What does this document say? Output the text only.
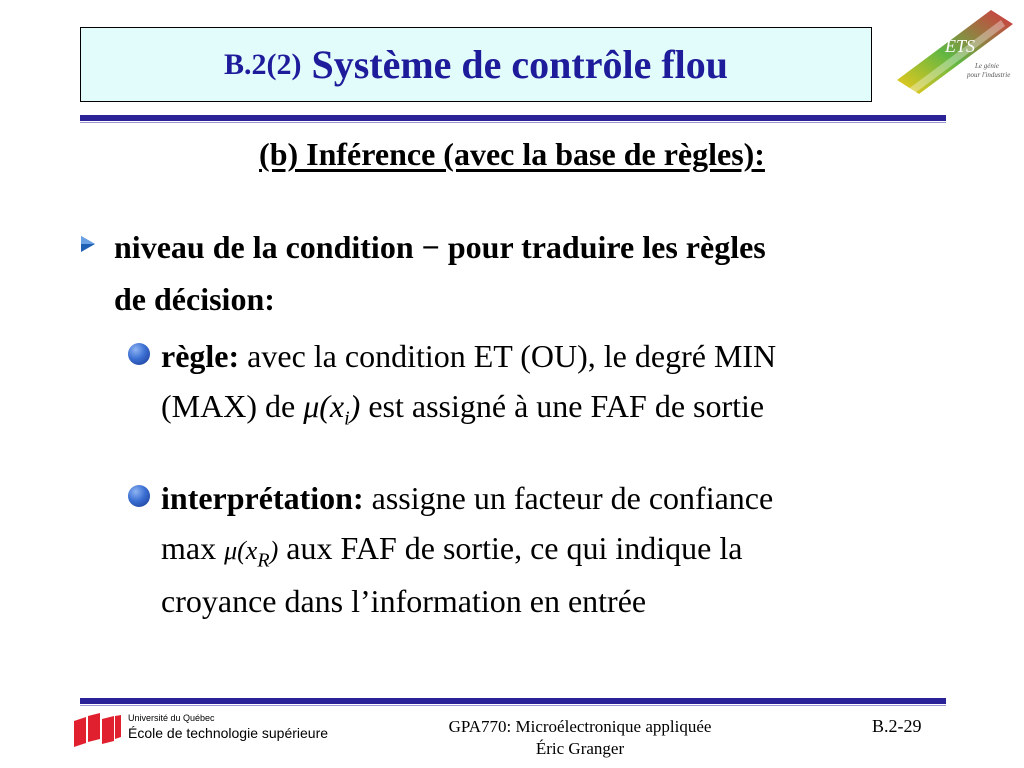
B.2(2) Système de contrôle flou	ÉTS
Le génie
pour l'industrie
(b) Inférence (avec la base de règles):
niveau de la condition − pour traduire les règles
de décision:
règle: avec la condition ET (OU), le degré MIN
(MAX) de $\mu(x_i)$ est assigné à une FAF de sortie
interprétation: assigne un facteur de confiance
$\max \mu(x_R)$ aux FAF de sortie, ce qui indique la
croyance dans l’information en entrée
Université du Québec
École de technologie supérieure	GPA770: Microélectronique appliquée
Éric Granger
B.2-29
